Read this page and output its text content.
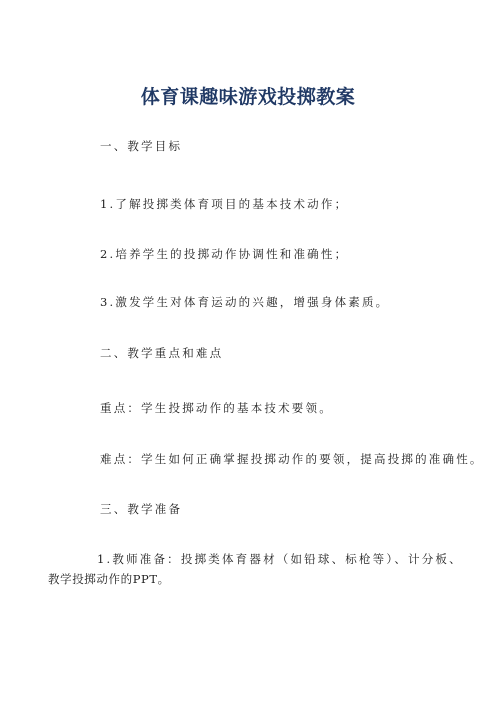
体育课趣味游戏投掷教案
一、教学目标
1.了解投掷类体育项目的基本技术动作；
2.培养学生的投掷动作协调性和准确性；
3.激发学生对体育运动的兴趣，增强身体素质。
二、教学重点和难点
重点：学生投掷动作的基本技术要领。
难点：学生如何正确掌握投掷动作的要领，提高投掷的准确性。
三、教学准备
1.教师准备：投掷类体育器材（如铅球、标枪等）、计分板、
教学投掷动作的PPT。
